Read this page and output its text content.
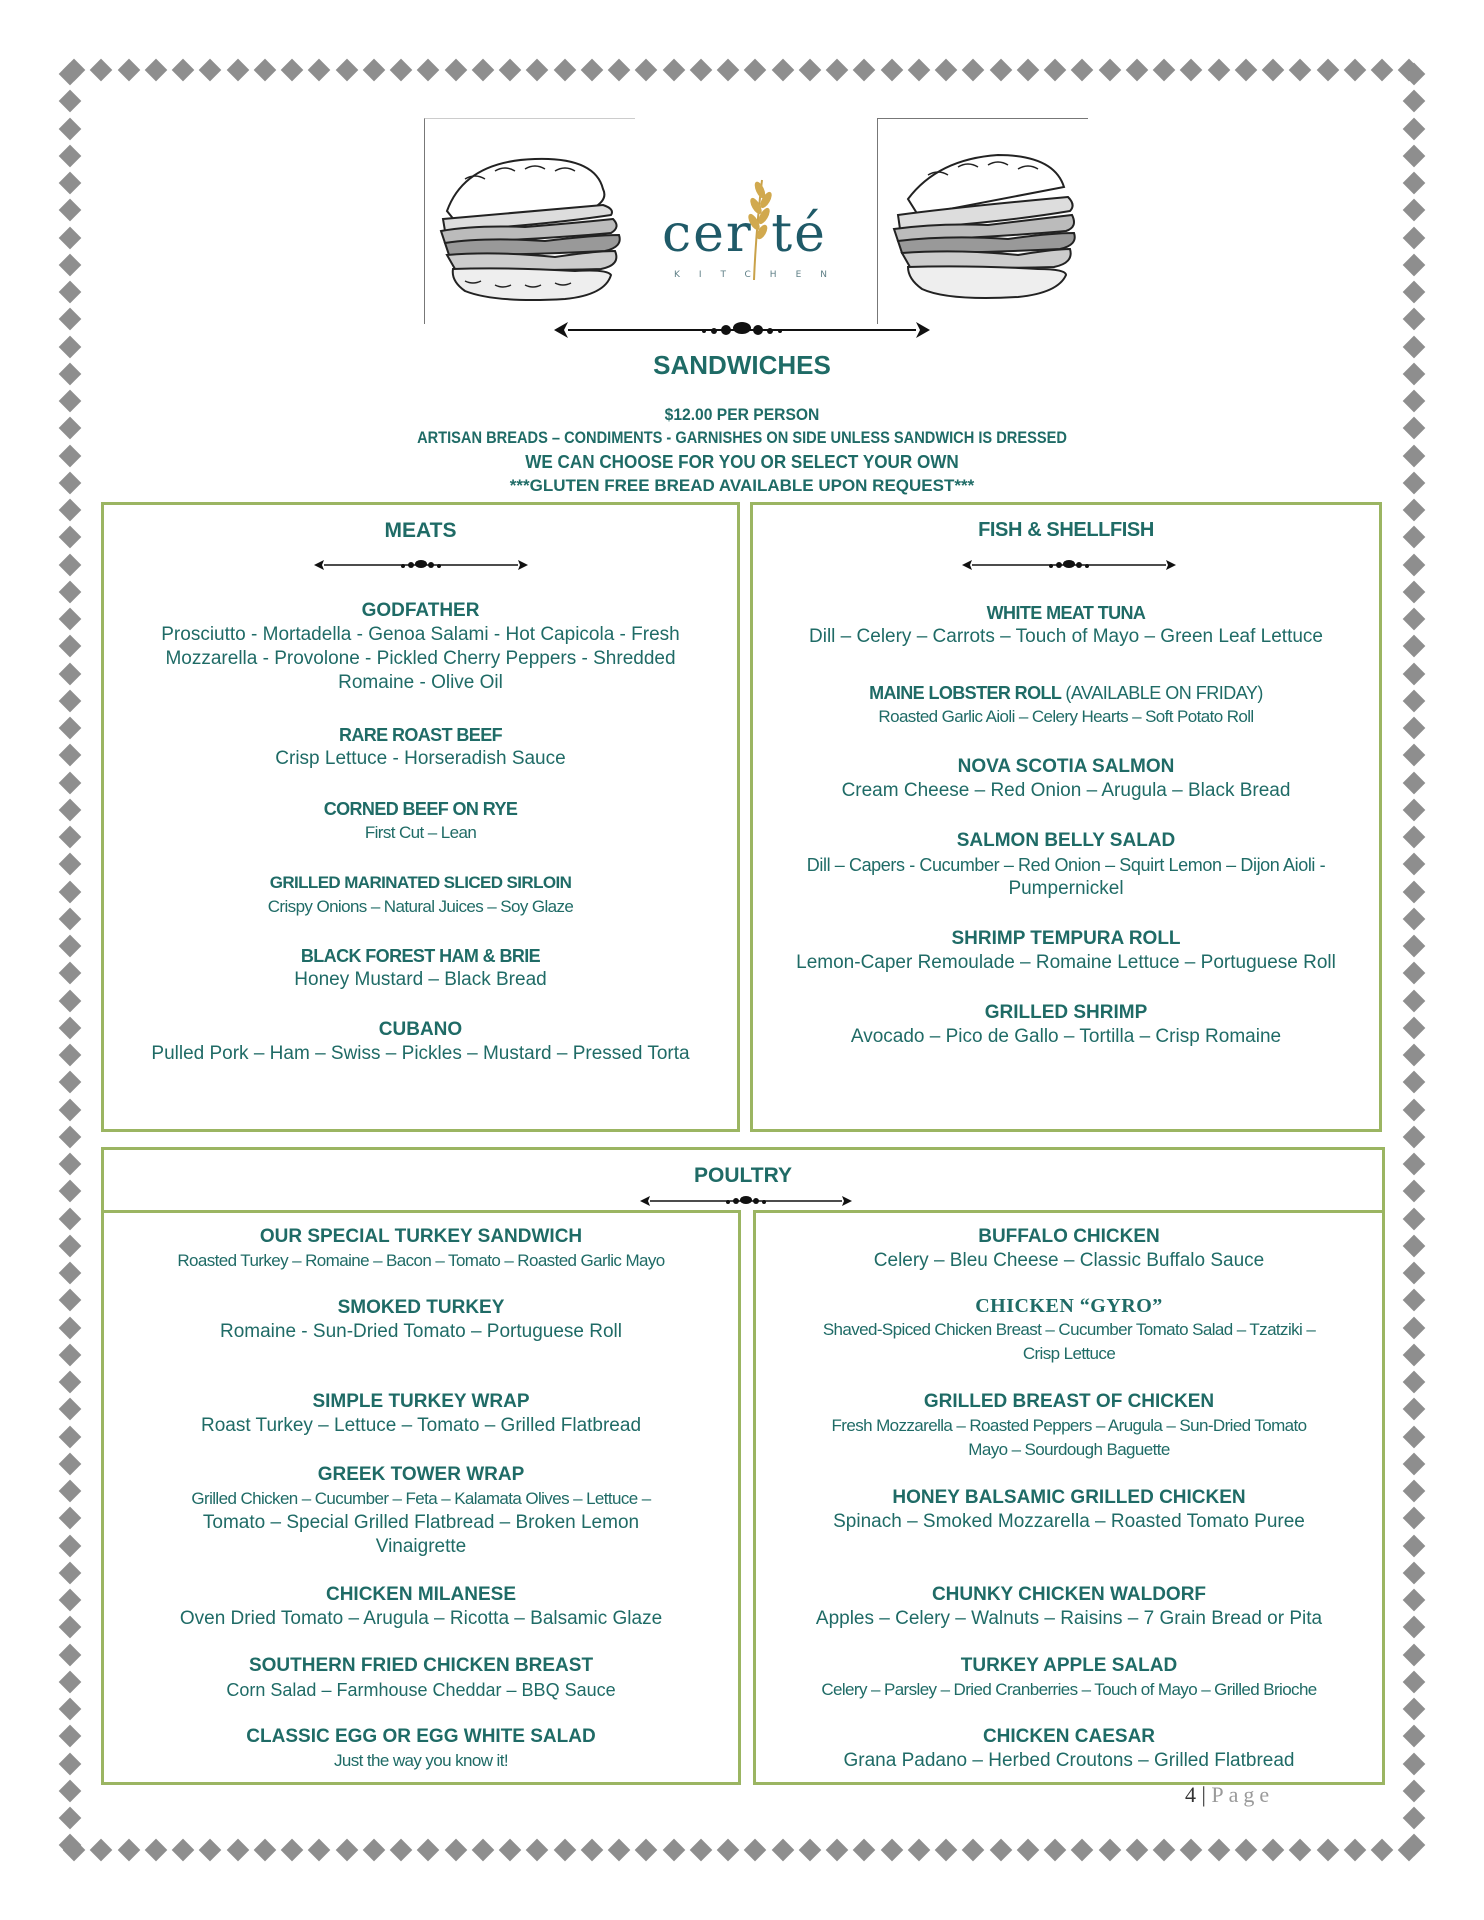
cer té
KITCHEN
SANDWICHES
$12.00 PER PERSON
ARTISAN BREADS – CONDIMENTS - GARNISHES ON SIDE UNLESS SANDWICH IS DRESSED
WE CAN CHOOSE FOR YOU OR SELECT YOUR OWN
***GLUTEN FREE BREAD AVAILABLE UPON REQUEST***
MEATS
GODFATHER
Prosciutto - Mortadella - Genoa Salami - Hot Capicola - Fresh
Mozzarella - Provolone - Pickled Cherry Peppers - Shredded
Romaine - Olive Oil
RARE ROAST BEEF
Crisp Lettuce - Horseradish Sauce
CORNED BEEF ON RYE
First Cut – Lean
GRILLED MARINATED SLICED SIRLOIN
Crispy Onions – Natural Juices – Soy Glaze
BLACK FOREST HAM & BRIE
Honey Mustard – Black Bread
CUBANO
Pulled Pork – Ham – Swiss – Pickles – Mustard – Pressed Torta
FISH & SHELLFISH
WHITE MEAT TUNA
Dill – Celery – Carrots – Touch of Mayo – Green Leaf Lettuce
MAINE LOBSTER ROLL (AVAILABLE ON FRIDAY)
Roasted Garlic Aioli – Celery Hearts – Soft Potato Roll
NOVA SCOTIA SALMON
Cream Cheese – Red Onion – Arugula – Black Bread
SALMON BELLY SALAD
Dill – Capers - Cucumber – Red Onion – Squirt Lemon – Dijon Aioli -
Pumpernickel
SHRIMP TEMPURA ROLL
Lemon-Caper Remoulade – Romaine Lettuce – Portuguese Roll
GRILLED SHRIMP
Avocado – Pico de Gallo – Tortilla – Crisp Romaine
POULTRY
OUR SPECIAL TURKEY SANDWICH
Roasted Turkey – Romaine – Bacon – Tomato – Roasted Garlic Mayo
SMOKED TURKEY
Romaine - Sun-Dried Tomato – Portuguese Roll
SIMPLE TURKEY WRAP
Roast Turkey – Lettuce – Tomato – Grilled Flatbread
GREEK TOWER WRAP
Grilled Chicken – Cucumber – Feta – Kalamata Olives – Lettuce –
Tomato – Special Grilled Flatbread – Broken Lemon
Vinaigrette
CHICKEN MILANESE
Oven Dried Tomato – Arugula – Ricotta – Balsamic Glaze
SOUTHERN FRIED CHICKEN BREAST
Corn Salad – Farmhouse Cheddar – BBQ Sauce
CLASSIC EGG OR EGG WHITE SALAD
Just the way you know it!
BUFFALO CHICKEN
Celery – Bleu Cheese – Classic Buffalo Sauce
CHICKEN “GYRO”
Shaved-Spiced Chicken Breast – Cucumber Tomato Salad – Tzatziki –
Crisp Lettuce
GRILLED BREAST OF CHICKEN
Fresh Mozzarella – Roasted Peppers – Arugula – Sun-Dried Tomato
Mayo – Sourdough Baguette
HONEY BALSAMIC GRILLED CHICKEN
Spinach – Smoked Mozzarella – Roasted Tomato Puree
CHUNKY CHICKEN WALDORF
Apples – Celery – Walnuts – Raisins – 7 Grain Bread or Pita
TURKEY APPLE SALAD
Celery – Parsley – Dried Cranberries – Touch of Mayo – Grilled Brioche
CHICKEN CAESAR
Grana Padano – Herbed Croutons – Grilled Flatbread
4 | Page
